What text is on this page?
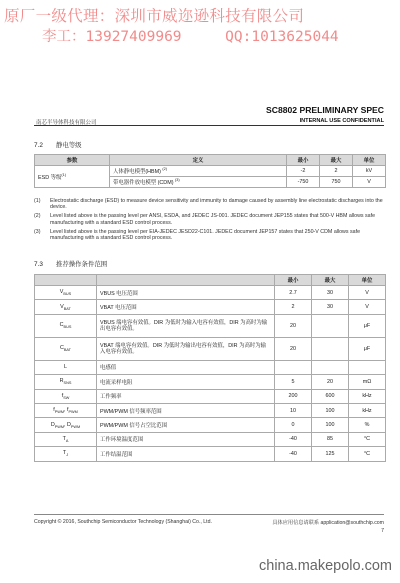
原厂一级代理：深圳市威迩逊科技有限公司
李工：13927409969     QQ:1013625044
SC8802 PRELIMINARY SPEC
南芯半导体科技有限公司	INTERNAL USE CONFIDENTIAL
7.2 静电等级
参数	定义	最小	最大	单位
ESD 等级$^{(1)}$	人体静电模型(HBM) $^{(2)}$	-2	2	kV
	带电器件放电模型 (CDM) $^{(3)}$	-750	750	V
(1)	Electrostatic discharge (ESD) to measure device sensitivity and immunity to damage caused by assembly line electrostatic discharges into the device.
(2)	Level listed above is the passing level per ANSI, ESDA, and JEDEC JS-001. JEDEC document JEP155 states that 500-V HBM allows safe manufacturing with a standard ESD control process.
(3)	Level listed above is the passing level per EIA-JEDEC JESD22-C101. JEDEC document JEP157 states that 250-V CDM allows safe manufacturing with a standard ESD control process.
7.3 推荐操作条件范围
		最小	最大	单位
$V_{BUS}$	VBUS 电压范围	2.7	30	V
$V_{BAT}$	VBAT 电压范围	2	30	V
$C_{BUS}$	VBUS 端电容有效值。DIR 为低时为输入电容有效值，DIR 为高时为输出电容有效值。	20		μF
$C_{BAT}$	VBAT 端电容有效值。DIR 为低时为输出电容有效值，DIR 为高时为输入电容有效值。	20		μF
L	电感值			
$R_{SNS}$	电流采样电阻	5	20	mΩ
$f_{SW}$	工作频率	200	600	kHz
$f_{PWM}$, $f_{PWM}$	PWM/PWM 信号频率范围	10	100	kHz
$D_{PWM}$, $D_{PWM}$	PWM/PWM 信号占空比范围	0	100	%
$T_A$	工作环境温度范围	-40	85	°C
$T_J$	工作结温范围	-40	125	°C
Copyright © 2016, Southchip Semiconductor Technology (Shanghai) Co., Ltd.	具体应用信息请联系 application@southchip.com
7
china.makepolo.com
